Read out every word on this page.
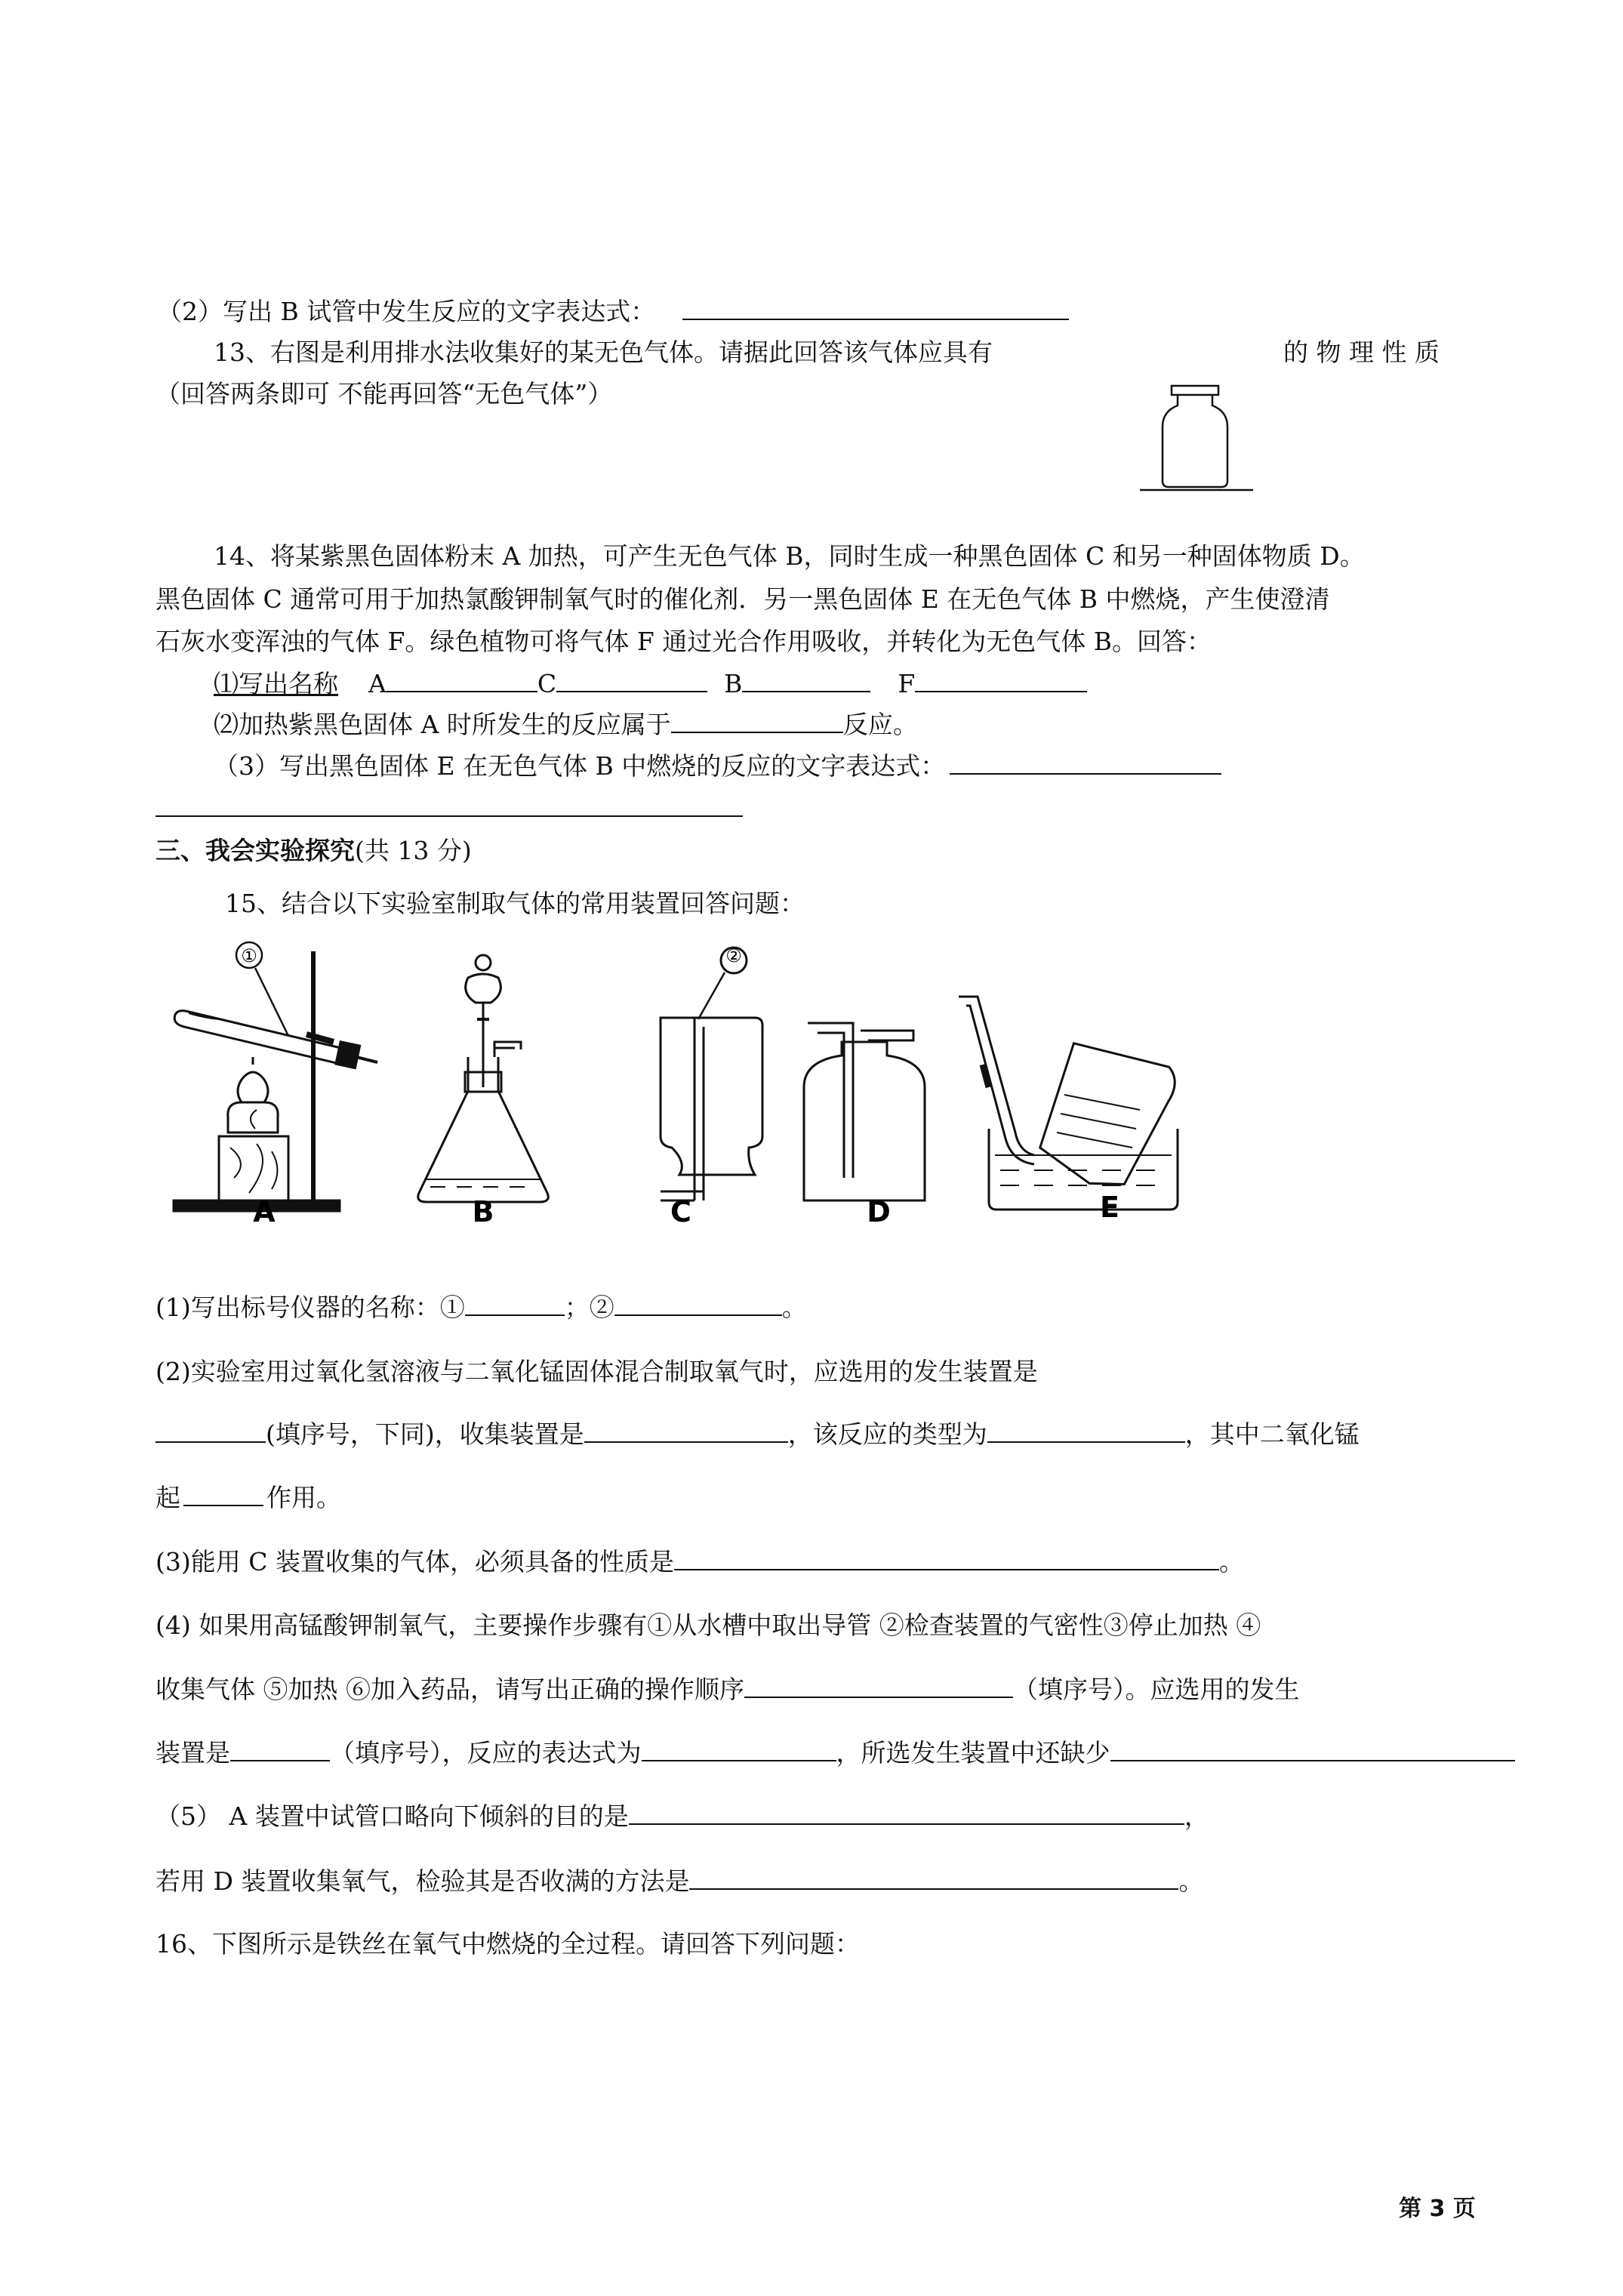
（2）写出 B 试管中发生反应的文字表达式：
13、右图是利用排水法收集好的某无色气体。请据此回答该气体应具有	的 物 理 性 质
（回答两条即可 不能再回答“无色气体”）
14、将某紫黑色固体粉末 A 加热，可产生无色气体 B，同时生成一种黑色固体 C 和另一种固体物质 D。
黑色固体 C 通常可用于加热氯酸钾制氧气时的催化剂．另一黑色固体 E 在无色气体 B 中燃烧，产生使澄清
石灰水变浑浊的气体 F。绿色植物可将气体 F 通过光合作用吸收，并转化为无色气体 B。回答：
⑴写出名称 A	C	B	F
⑵加热紫黑色固体 A 时所发生的反应属于	反应。
（3）写出黑色固体 E 在无色气体 B 中燃烧的反应的文字表达式：
三、我会实验探究(共 13 分)
15、结合以下实验室制取气体的常用装置回答问题：
①	②
A	B	C	D	E
(1)写出标号仪器的名称：①	；②	。
(2)实验室用过氧化氢溶液与二氧化锰固体混合制取氧气时，应选用的发生装置是
(填序号，下同)，收集装置是	，该反应的类型为	，其中二氧化锰
起	作用。
(3)能用 C 装置收集的气体，必须具备的性质是	。
(4) 如果用高锰酸钾制氧气，主要操作步骤有①从水槽中取出导管 ②检查装置的气密性③停止加热 ④
收集气体 ⑤加热 ⑥加入药品，请写出正确的操作顺序	（填序号）。应选用的发生
装置是	（填序号），反应的表达式为	，所选发生装置中还缺少
（5） A 装置中试管口略向下倾斜的目的是	，
若用 D 装置收集氧气，检验其是否收满的方法是	。
16、下图所示是铁丝在氧气中燃烧的全过程。请回答下列问题：
第 3 页
